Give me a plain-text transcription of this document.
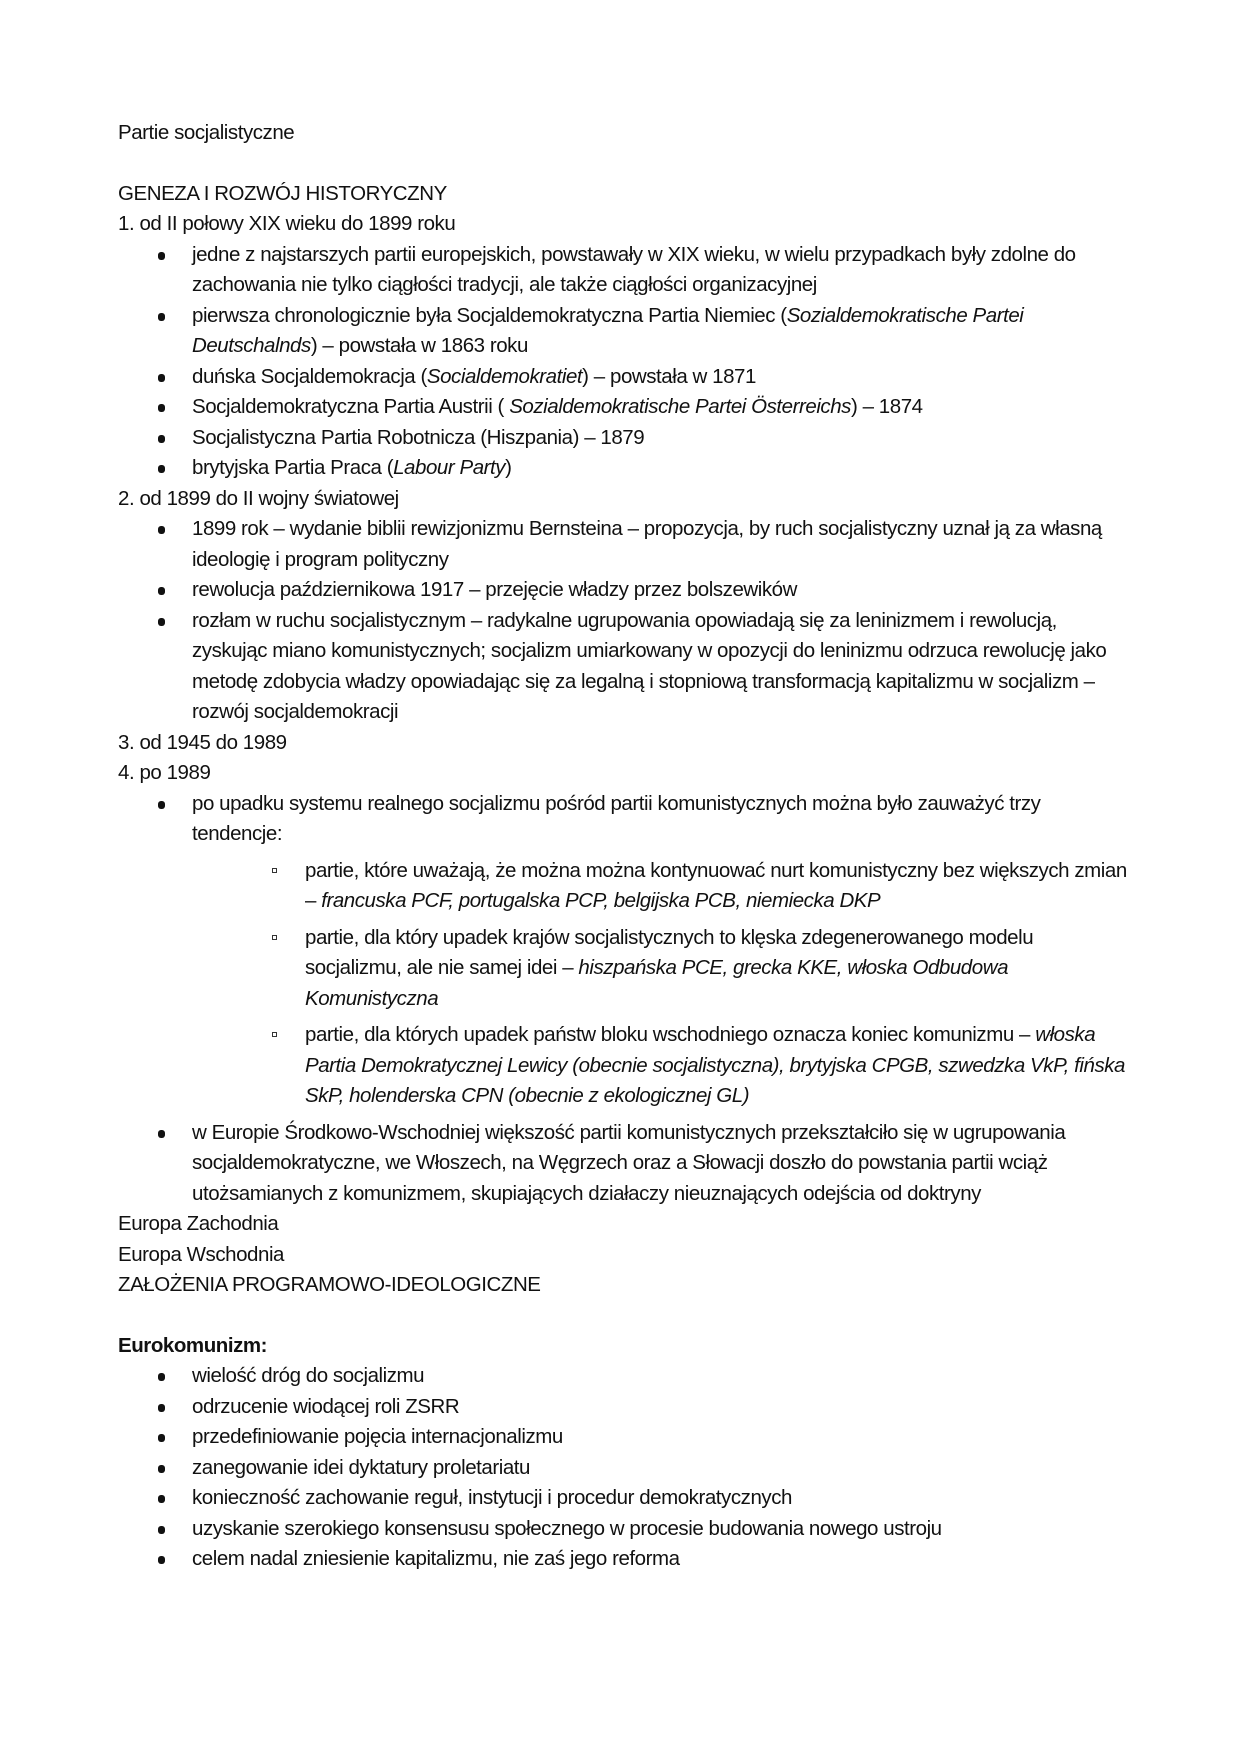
Partie socjalistyczne

GENEZA I ROZWÓJ HISTORYCZNY

1. od II połowy XIX wieku do 1899 roku

jedne z najstarszych partii europejskich, powstawały w XIX wieku, w wielu przypadkach były zdolne do zachowania nie tylko ciągłości tradycji, ale także ciągłości organizacyjnej
pierwsza chronologicznie była Socjaldemokratyczna Partia Niemiec (Sozialdemokratische Partei Deutschalnds) – powstała w 1863 roku
duńska Socjaldemokracja (Socialdemokratiet) – powstała w 1871
Socjaldemokratyczna Partia Austrii ( Sozialdemokratische Partei Österreichs) – 1874
Socjalistyczna Partia Robotnicza (Hiszpania) – 1879
brytyjska Partia Praca (Labour Party)

2. od 1899 do II wojny światowej

1899 rok – wydanie biblii rewizjonizmu Bernsteina – propozycja, by ruch socjalistyczny uznał ją za własną ideologię i program polityczny
rewolucja październikowa 1917 – przejęcie władzy przez bolszewików
rozłam w ruchu socjalistycznym – radykalne ugrupowania opowiadają się za leninizmem i rewolucją, zyskując miano komunistycznych; socjalizm umiarkowany w opozycji do leninizmu odrzuca rewolucję jako metodę zdobycia władzy opowiadając się za legalną i stopniową transformacją kapitalizmu w socjalizm – rozwój socjaldemokracji

3. od 1945 do 1989

4. po 1989

po upadku systemu realnego socjalizmu pośród partii komunistycznych można było zauważyć trzy tendencje:
partie, które uważają, że można można kontynuować nurt komunistyczny bez większych zmian – francuska PCF, portugalska PCP, belgijska PCB, niemiecka DKP
partie, dla który upadek krajów socjalistycznych to klęska zdegenerowanego modelu socjalizmu, ale nie samej idei – hiszpańska PCE, grecka KKE, włoska Odbudowa Komunistyczna
partie, dla których upadek państw bloku wschodniego oznacza koniec komunizmu – włoska Partia Demokratycznej Lewicy (obecnie socjalistyczna), brytyjska CPGB, szwedzka VkP, fińska SkP, holenderska CPN (obecnie z ekologicznej GL)
w Europie Środkowo-Wschodniej większość partii komunistycznych przekształciło się w ugrupowania socjaldemokratyczne, we Włoszech, na Węgrzech oraz a Słowacji doszło do powstania partii wciąż utożsamianych z komunizmem, skupiających działaczy nieuznających odejścia od doktryny

Europa Zachodnia

Europa Wschodnia

ZAŁOŻENIA PROGRAMOWO-IDEOLOGICZNE

Eurokomunizm:

wielość dróg do socjalizmu
odrzucenie wiodącej roli ZSRR
przedefiniowanie pojęcia internacjonalizmu
zanegowanie idei dyktatury proletariatu
konieczność zachowanie reguł, instytucji i procedur demokratycznych
uzyskanie szerokiego konsensusu społecznego w procesie budowania nowego ustroju
celem nadal zniesienie kapitalizmu, nie zaś jego reforma
